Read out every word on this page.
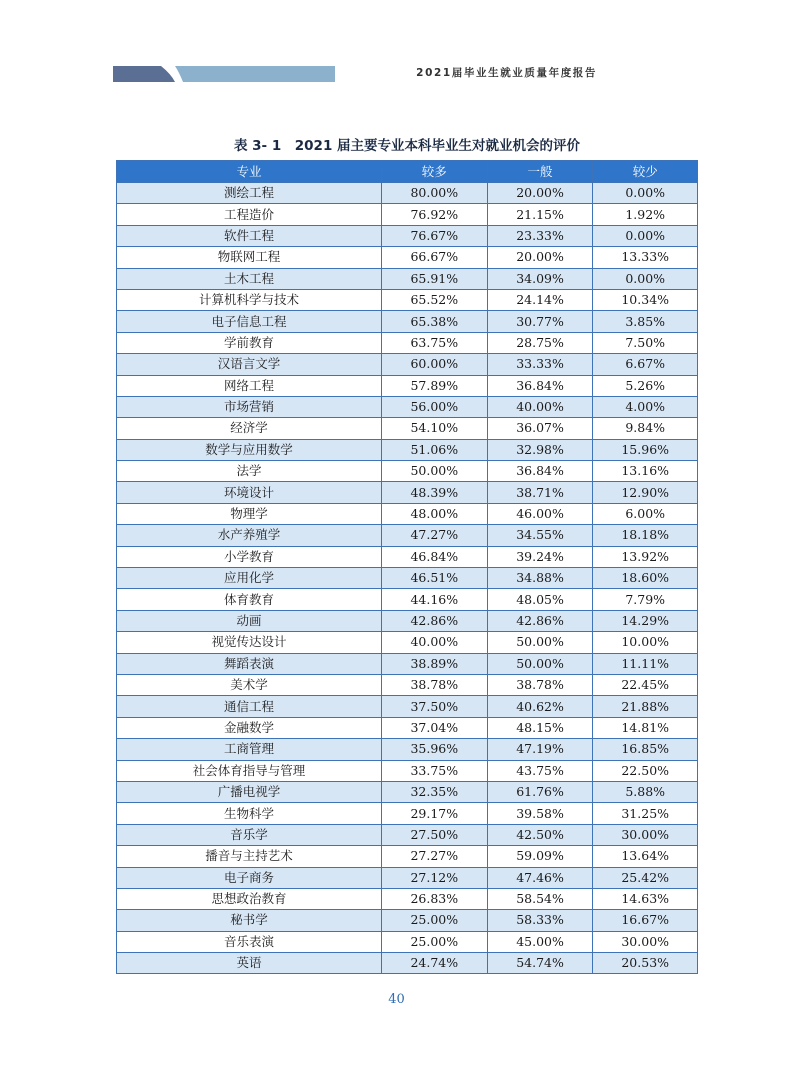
2021届毕业生就业质量年度报告
表 3- 1　2021 届主要专业本科毕业生对就业机会的评价
专业	较多	一般	较少
测绘工程	80.00%	20.00%	0.00%
工程造价	76.92%	21.15%	1.92%
软件工程	76.67%	23.33%	0.00%
物联网工程	66.67%	20.00%	13.33%
土木工程	65.91%	34.09%	0.00%
计算机科学与技术	65.52%	24.14%	10.34%
电子信息工程	65.38%	30.77%	3.85%
学前教育	63.75%	28.75%	7.50%
汉语言文学	60.00%	33.33%	6.67%
网络工程	57.89%	36.84%	5.26%
市场营销	56.00%	40.00%	4.00%
经济学	54.10%	36.07%	9.84%
数学与应用数学	51.06%	32.98%	15.96%
法学	50.00%	36.84%	13.16%
环境设计	48.39%	38.71%	12.90%
物理学	48.00%	46.00%	6.00%
水产养殖学	47.27%	34.55%	18.18%
小学教育	46.84%	39.24%	13.92%
应用化学	46.51%	34.88%	18.60%
体育教育	44.16%	48.05%	7.79%
动画	42.86%	42.86%	14.29%
视觉传达设计	40.00%	50.00%	10.00%
舞蹈表演	38.89%	50.00%	11.11%
美术学	38.78%	38.78%	22.45%
通信工程	37.50%	40.62%	21.88%
金融数学	37.04%	48.15%	14.81%
工商管理	35.96%	47.19%	16.85%
社会体育指导与管理	33.75%	43.75%	22.50%
广播电视学	32.35%	61.76%	5.88%
生物科学	29.17%	39.58%	31.25%
音乐学	27.50%	42.50%	30.00%
播音与主持艺术	27.27%	59.09%	13.64%
电子商务	27.12%	47.46%	25.42%
思想政治教育	26.83%	58.54%	14.63%
秘书学	25.00%	58.33%	16.67%
音乐表演	25.00%	45.00%	30.00%
英语	24.74%	54.74%	20.53%
40
